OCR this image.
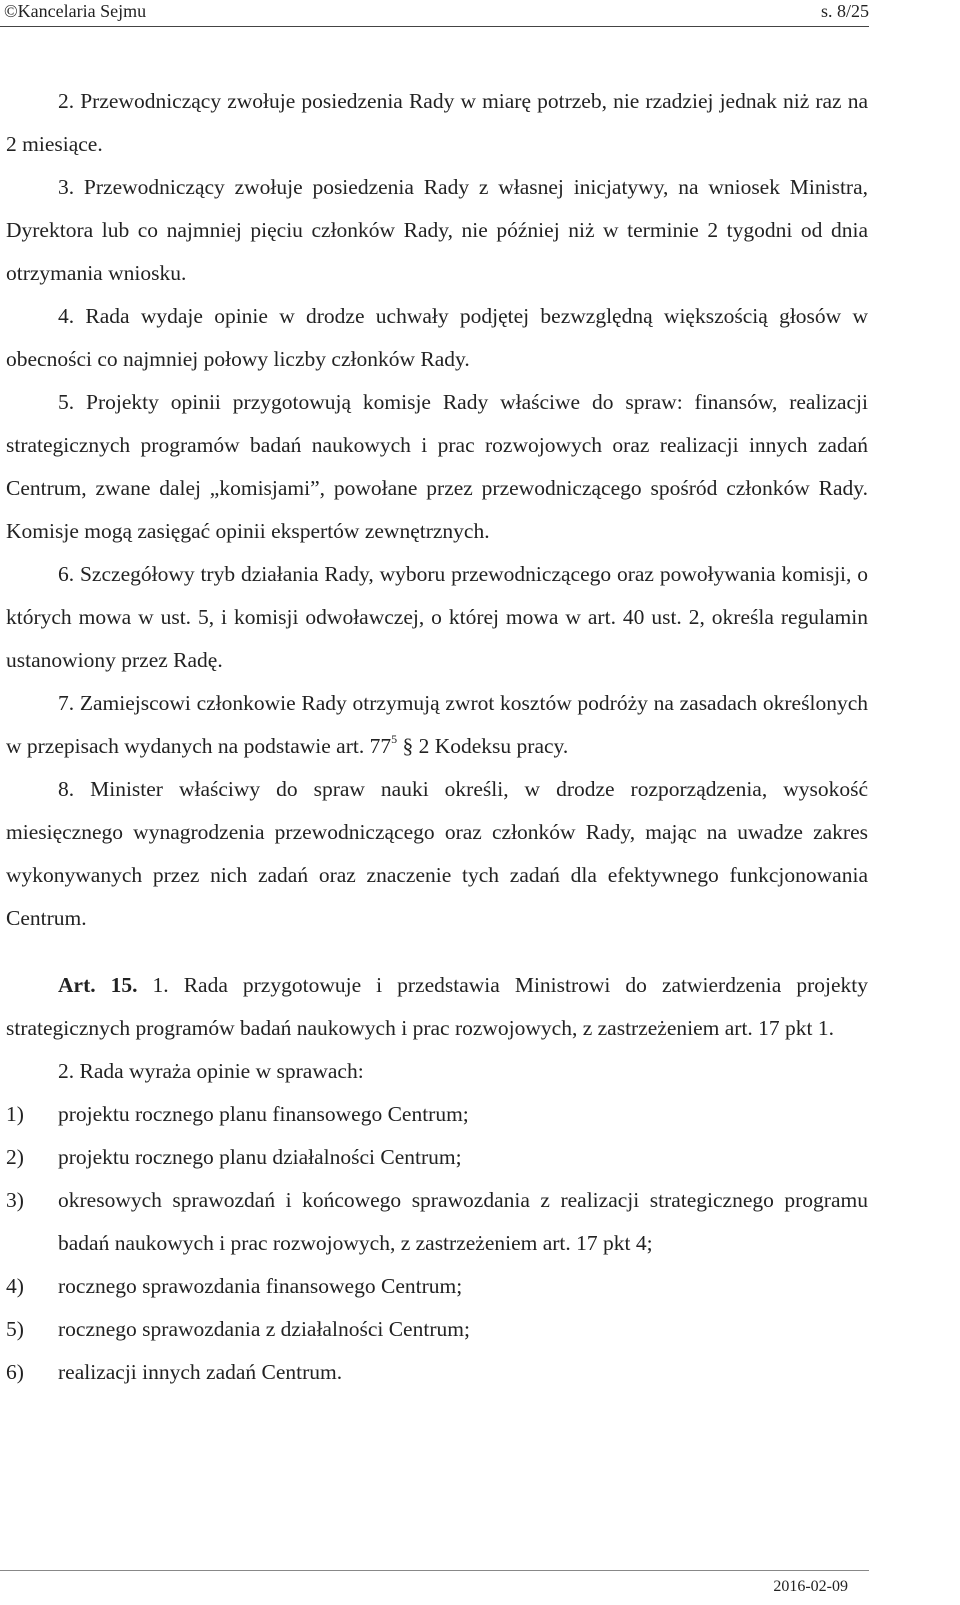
©Kancelaria Sejmu	s. 8/25

2. Przewodniczący zwołuje posiedzenia Rady w miarę potrzeb, nie rzadziej jednak niż raz na 2 miesiące.

3. Przewodniczący zwołuje posiedzenia Rady z własnej inicjatywy, na wniosek Ministra, Dyrektora lub co najmniej pięciu członków Rady, nie później niż w terminie 2 tygodni od dnia otrzymania wniosku.

4. Rada wydaje opinie w drodze uchwały podjętej bezwzględną większością głosów w obecności co najmniej połowy liczby członków Rady.

5. Projekty opinii przygotowują komisje Rady właściwe do spraw: finansów, realizacji strategicznych programów badań naukowych i prac rozwojowych oraz realizacji innych zadań Centrum, zwane dalej „komisjami”, powołane przez przewodniczącego spośród członków Rady. Komisje mogą zasięgać opinii ekspertów zewnętrznych.

6. Szczegółowy tryb działania Rady, wyboru przewodniczącego oraz powoływania komisji, o których mowa w ust. 5, i komisji odwoławczej, o której mowa w art. 40 ust. 2, określa regulamin ustanowiony przez Radę.

7. Zamiejscowi członkowie Rady otrzymują zwrot kosztów podróży na zasadach określonych w przepisach wydanych na podstawie art. $77^5$ § 2 Kodeksu pracy.

8. Minister właściwy do spraw nauki określi, w drodze rozporządzenia, wysokość miesięcznego wynagrodzenia przewodniczącego oraz członków Rady, mając na uwadze zakres wykonywanych przez nich zadań oraz znaczenie tych zadań dla efektywnego funkcjonowania Centrum.

Art. 15. 1. Rada przygotowuje i przedstawia Ministrowi do zatwierdzenia projekty strategicznych programów badań naukowych i prac rozwojowych, z zastrzeżeniem art. 17 pkt 1.

2. Rada wyraża opinie w sprawach:

1)	projektu rocznego planu finansowego Centrum;
2)	projektu rocznego planu działalności Centrum;
3)	okresowych sprawozdań i końcowego sprawozdania z realizacji strategicznego programu badań naukowych i prac rozwojowych, z zastrzeżeniem art. 17 pkt 4;
4)	rocznego sprawozdania finansowego Centrum;
5)	rocznego sprawozdania z działalności Centrum;
6)	realizacji innych zadań Centrum.
2016-02-09
